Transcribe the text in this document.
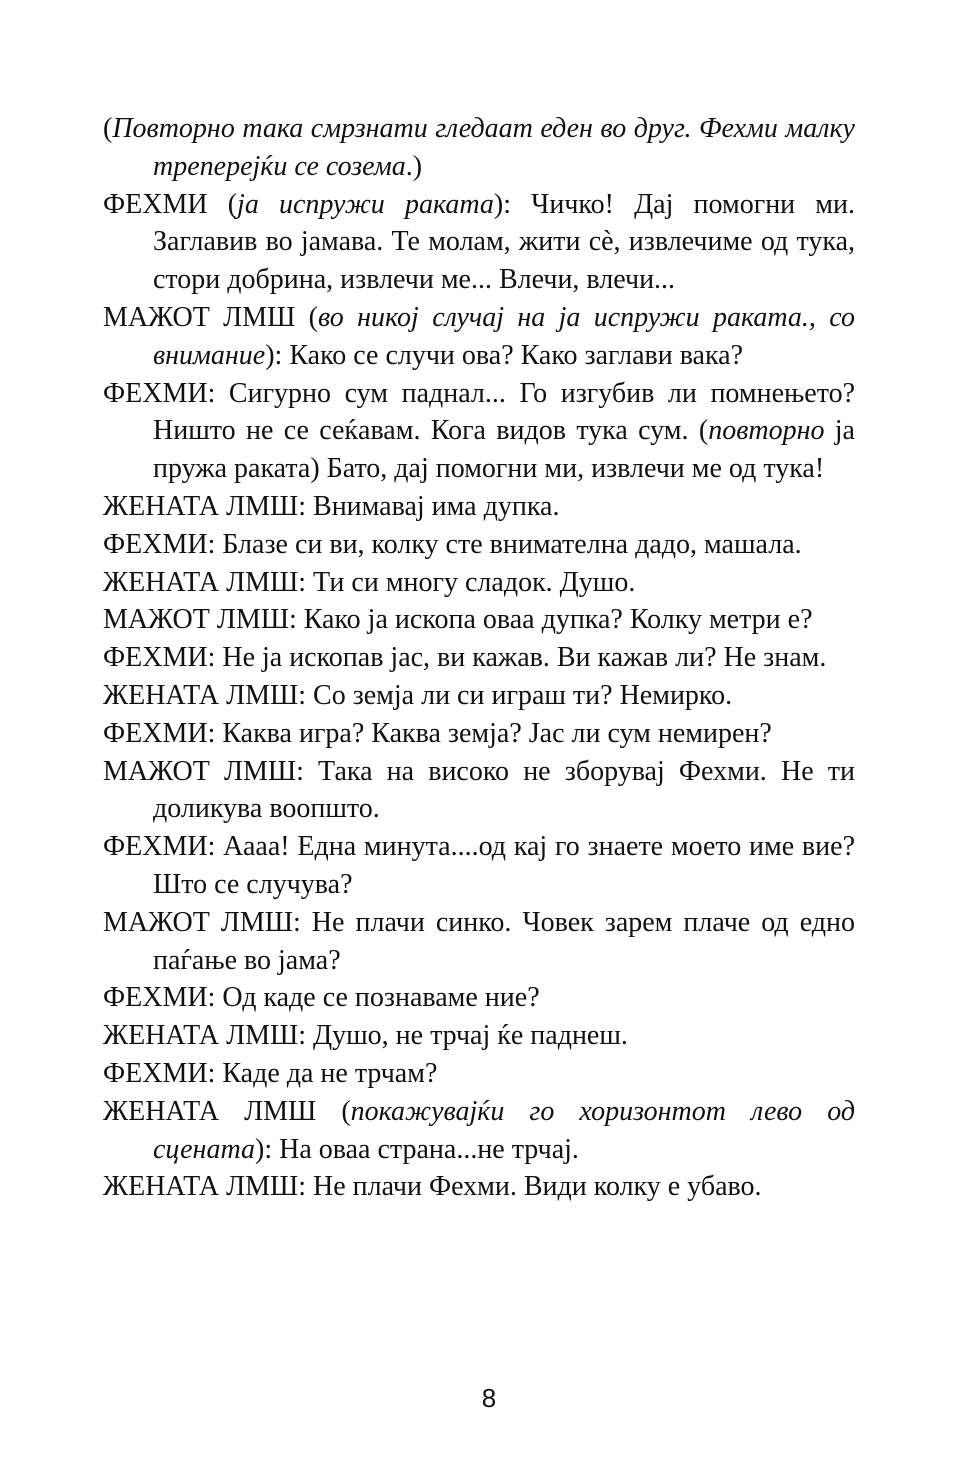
(Повторно така смрзнати гледаат еден во друг. Фехми малку треперејќи се созема.)

ФЕХМИ (ја испружи раката): Чичко! Дај помогни ми. Заглавив во јамава. Те молам, жити сѐ, извлечиме од тука, стори добрина, извлечи ме... Влечи, влечи...

МАЖОТ ЛМШ (во никој случај на ја испружи раката., со внимание): Како се случи ова? Како заглави вака?

ФЕХМИ: Сигурно сум паднал... Го изгубив ли помнењето? Ништо не се сеќавам. Кога видов тука сум. (повторно ја пружа раката) Бато, дај помогни ми, извлечи ме од тука!

ЖЕНАТА ЛМШ: Внимавај има дупка.

ФЕХМИ: Блазе си ви, колку сте внимателна дадо, машала.

ЖЕНАТА ЛМШ: Ти си многу сладок. Душо.

МАЖОТ ЛМШ: Како ја ископа оваа дупка? Колку метри е?

ФЕХМИ: Не ја ископав јас, ви кажав. Ви кажав ли? Не знам.

ЖЕНАТА ЛМШ: Со земја ли си играш ти? Немирко.

ФЕХМИ: Каква игра? Каква земја? Јас ли сум немирен?

МАЖОТ ЛМШ: Така на високо не зборувај Фехми. Не ти доликува воопшто.

ФЕХМИ: Аааа! Една минута....од кај го знаете моето име вие? Што се случува?

МАЖОТ ЛМШ: Не плачи синко. Човек зарем плаче од едно паѓање во јама?

ФЕХМИ: Од каде се познаваме ние?

ЖЕНАТА ЛМШ: Душо, не трчај ќе паднеш.

ФЕХМИ: Каде да не трчам?

ЖЕНАТА ЛМШ (покажувајќи го хоризонтот лево од сцената): На оваа страна...не трчај.

ЖЕНАТА ЛМШ: Не плачи Фехми. Види колку е убаво.

8
